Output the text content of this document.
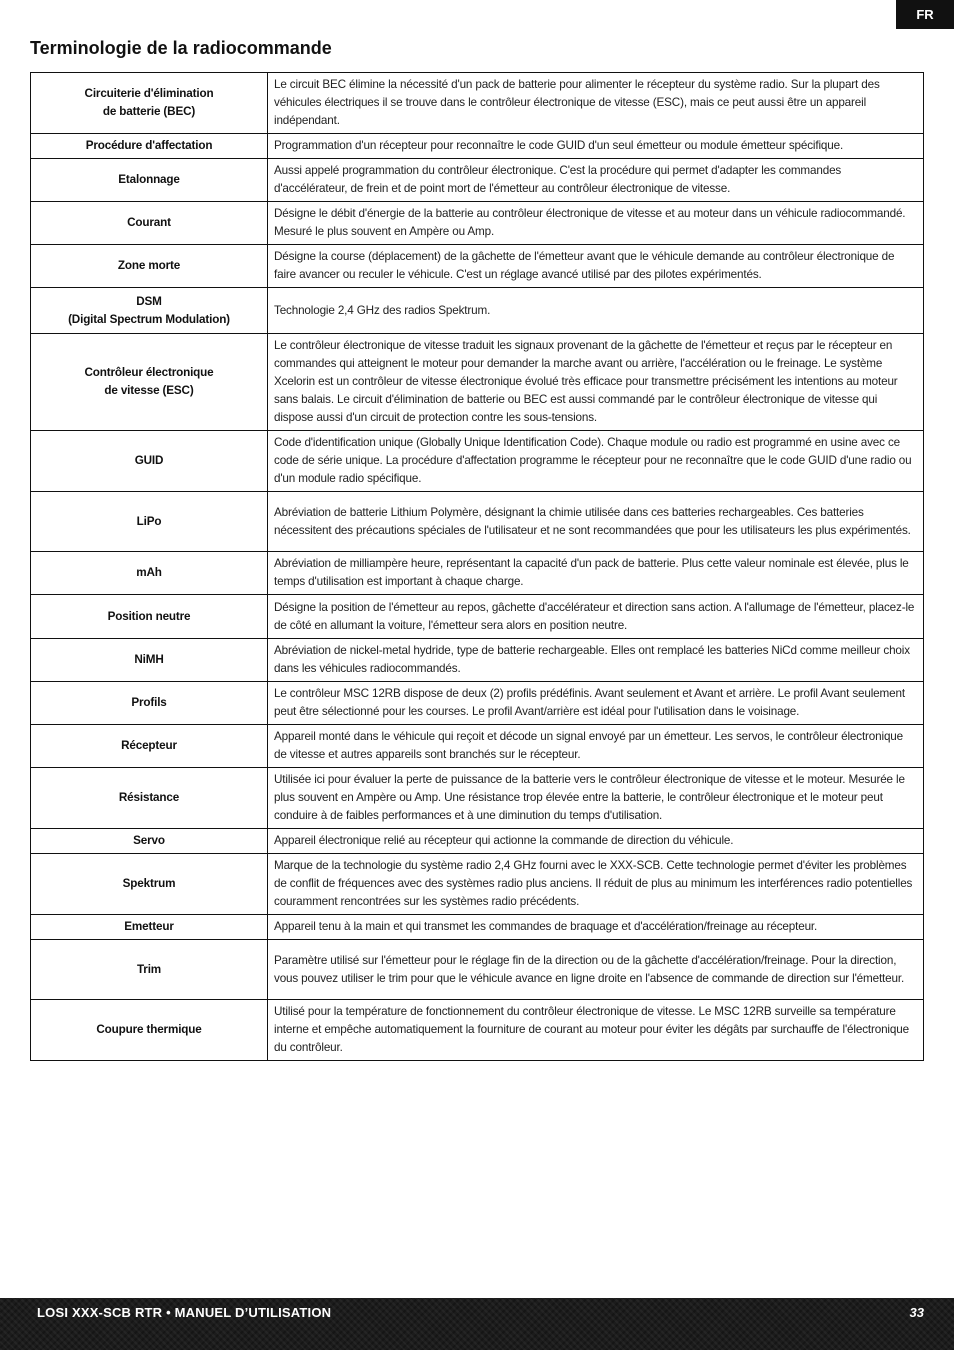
FR
Terminologie de la radiocommande
Circuiterie d'élimination
de batterie (BEC)	Le circuit BEC élimine la nécessité d'un pack de batterie pour alimenter le récepteur du système radio. Sur la plupart des véhicules électriques il se trouve dans le contrôleur électronique de vitesse (ESC), mais ce peut aussi être un appareil indépendant.
Procédure d'affectation	Programmation d'un récepteur pour reconnaître le code GUID d'un seul émetteur ou module émetteur spécifique.
Etalonnage	Aussi appelé programmation du contrôleur électronique. C'est la procédure qui permet d'adapter les commandes d'accélérateur, de frein et de point mort de l'émetteur au contrôleur électronique de vitesse.
Courant	Désigne le débit d'énergie de la batterie au contrôleur électronique de vitesse et au moteur dans un véhicule radiocommandé. Mesuré le plus souvent en Ampère ou Amp.
Zone morte	Désigne la course (déplacement) de la gâchette de l'émetteur avant que le véhicule demande au contrôleur électronique de faire avancer ou reculer le véhicule. C'est un réglage avancé utilisé par des pilotes expérimentés.
DSM
(Digital Spectrum Modulation)	Technologie 2,4 GHz des radios Spektrum.
Contrôleur électronique
de vitesse (ESC)	Le contrôleur électronique de vitesse traduit les signaux provenant de la gâchette de l'émetteur et reçus par le récepteur en commandes qui atteignent le moteur pour demander la marche avant ou arrière, l'accélération ou le freinage. Le système Xcelorin est un contrôleur de vitesse électronique évolué très efficace pour transmettre précisément les intentions au moteur sans balais. Le circuit d'élimination de batterie ou BEC est aussi commandé par le contrôleur électronique de vitesse qui dispose aussi d'un circuit de protection contre les sous-tensions.
GUID	Code d'identification unique (Globally Unique Identification Code). Chaque module ou radio est programmé en usine avec ce code de série unique. La procédure d'affectation programme le récepteur pour ne reconnaître que le code GUID d'une radio ou d'un module radio spécifique.
LiPo	Abréviation de batterie Lithium Polymère, désignant la chimie utilisée dans ces batteries rechargeables. Ces batteries nécessitent des précautions spéciales de l'utilisateur et ne sont recommandées que pour les utilisateurs les plus expérimentés.
mAh	Abréviation de milliampère heure, représentant la capacité d'un pack de batterie. Plus cette valeur nominale est élevée, plus le temps d'utilisation est important à chaque charge.
Position neutre	Désigne la position de l'émetteur au repos, gâchette d'accélérateur et direction sans action. A l'allumage de l'émetteur, placez-le de côté en allumant la voiture, l'émetteur sera alors en position neutre.
NiMH	Abréviation de nickel-metal hydride, type de batterie rechargeable. Elles ont remplacé les batteries NiCd comme meilleur choix dans les véhicules radiocommandés.
Profils	Le contrôleur MSC 12RB dispose de deux (2) profils prédéfinis. Avant seulement et Avant et arrière. Le profil Avant seulement peut être sélectionné pour les courses. Le profil Avant/arrière est idéal pour l'utilisation dans le voisinage.
Récepteur	Appareil monté dans le véhicule qui reçoit et décode un signal envoyé par un émetteur. Les servos, le contrôleur électronique de vitesse et autres appareils sont branchés sur le récepteur.
Résistance	Utilisée ici pour évaluer la perte de puissance de la batterie vers le contrôleur électronique de vitesse et le moteur. Mesurée le plus souvent en Ampère ou Amp. Une résistance trop élevée entre la batterie, le contrôleur électronique et le moteur peut conduire à de faibles performances et à une diminution du temps d'utilisation.
Servo	Appareil électronique relié au récepteur qui actionne la commande de direction du véhicule.
Spektrum	Marque de la technologie du système radio 2,4 GHz fourni avec le XXX-SCB. Cette technologie permet d'éviter les problèmes de conflit de fréquences avec des systèmes radio plus anciens. Il réduit de plus au minimum les interférences radio potentielles couramment rencontrées sur les systèmes radio précédents.
Emetteur	Appareil tenu à la main et qui transmet les commandes de braquage et d'accélération/freinage au récepteur.
Trim	Paramètre utilisé sur l'émetteur pour le réglage fin de la direction ou de la gâchette d'accélération/freinage. Pour la direction, vous pouvez utiliser le trim pour que le véhicule avance en ligne droite en l'absence de commande de direction sur l'émetteur.
Coupure thermique	Utilisé pour la température de fonctionnement du contrôleur électronique de vitesse. Le MSC 12RB surveille sa température interne et empêche automatiquement la fourniture de courant au moteur pour éviter les dégâts par surchauffe de l'électronique du contrôleur.
LOSI XXX-SCB RTR • MANUEL D’UTILISATION	33
